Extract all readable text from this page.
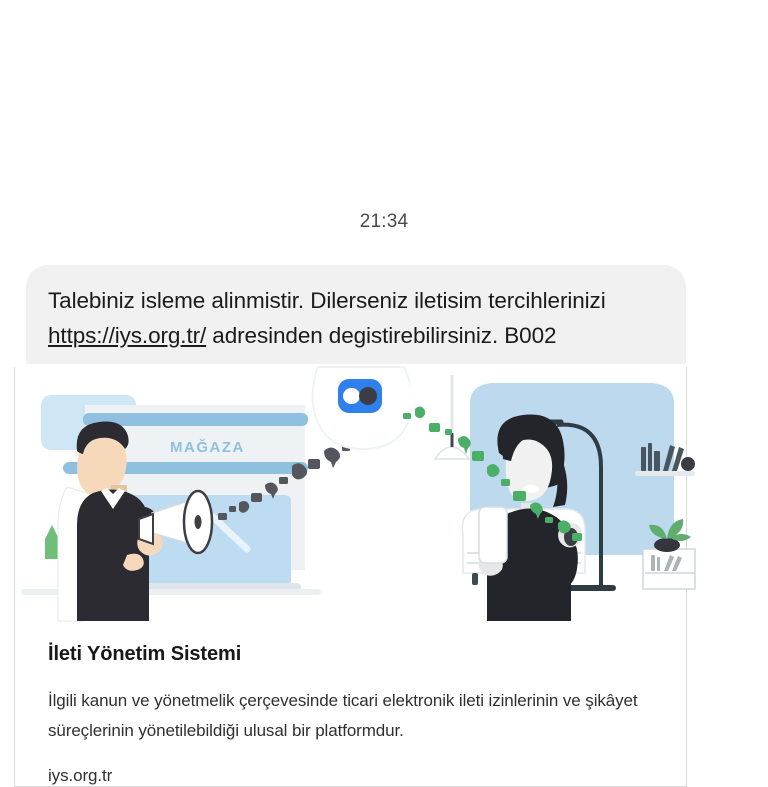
21:34
Talebiniz isleme alinmistir. Dilerseniz iletisim tercihlerinizi
https://iys.org.tr/ adresinden degistirebilirsiniz. B002
MAĞAZA
İleti Yönetim Sistemi
İlgili kanun ve yönetmelik çerçevesinde ticari elektronik ileti izinlerinin ve şikâyet süreçlerinin yönetilebildiği ulusal bir platformdur.
iys.org.tr
